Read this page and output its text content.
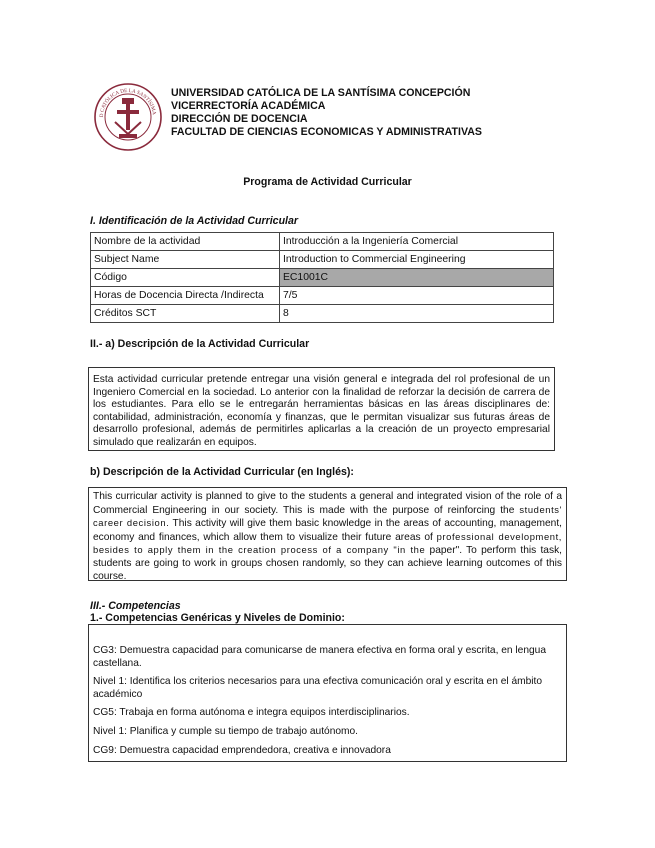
D CATÓLICA DE LA SANTÍSIMA
UNIVERSIDAD CATÓLICA DE LA SANTÍSIMA CONCEPCIÓN
VICERRECTORÍA ACADÉMICA
DIRECCIÓN DE DOCENCIA
FACULTAD DE CIENCIAS ECONOMICAS Y ADMINISTRATIVAS
Programa de Actividad Curricular
I. Identificación de la Actividad Curricular
Nombre de la actividad	Introducción a la Ingeniería Comercial
Subject Name	Introduction to Commercial Engineering
Código	EC1001C
Horas de Docencia Directa /Indirecta	7/5
Créditos SCT	8
II.- a) Descripción de la Actividad Curricular
Esta actividad curricular pretende entregar una visión general e integrada del rol profesional de un Ingeniero Comercial en la sociedad. Lo anterior con la finalidad de reforzar la decisión de carrera de los estudiantes. Para ello se le entregarán herramientas básicas en las áreas disciplinares de: contabilidad, administración, economía y finanzas, que le permitan visualizar sus futuras áreas de desarrollo profesional, además de permitirles aplicarlas a la creación de un proyecto empresarial simulado que realizarán en equipos.
b) Descripción de la Actividad Curricular (en Inglés):
This curricular activity is planned to give to the students a general and integrated vision of the role of a Commercial Engineering in our society. This is made with the purpose of reinforcing the students' career decision. This activity will give them basic knowledge in the areas of accounting, management, economy and finances, which allow them to visualize their future areas of professional development, besides to apply them in the creation process of a company "in the paper". To perform this task, students are going to work in groups chosen randomly, so they can achieve learning outcomes of this course.
III.- Competencias
1.- Competencias Genéricas y Niveles de Dominio:

CG3: Demuestra capacidad para comunicarse de manera efectiva en forma oral y escrita, en lengua castellana.

Nivel 1: Identifica los criterios necesarios para una efectiva comunicación oral y escrita en el ámbito académico

CG5: Trabaja en forma autónoma e integra equipos interdisciplinarios.

Nivel 1: Planifica y cumple su tiempo de trabajo autónomo.

CG9: Demuestra capacidad emprendedora, creativa e innovadora
